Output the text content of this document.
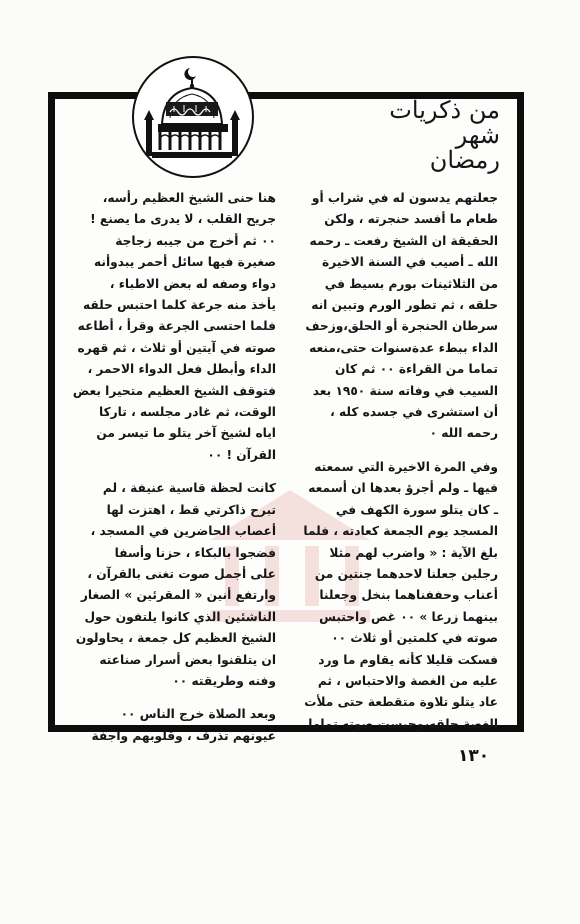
من ذكريات
شهر
رمضان

جعلتهم يدسون له في شراب أو
طعام ما أفسد حنجرته ، ولكن
الحقيقة ان الشيخ رفعت ـ رحمه
الله ـ أصيب في السنة الاخيرة
من الثلاثينات بورم بسيط في
حلقه ، ثم تطور الورم وتبين انه
سرطان الحنجرة أو الحلق،وزحف
الداء ببطء عدةسنوات حتى،منعه
تماما من القراءة ٠٠ ثم كان
السيب في وفاته سنة ١٩٥٠ بعد
أن استشرى في جسده كله ،
رحمه الله ٠

وفي المرة الاخيرة التي سمعته
فيها ـ ولم أجرؤ بعدها ان أسمعه
ـ كان يتلو سورة الكهف في
المسجد يوم الجمعة كعادته ، فلما
بلغ الآية : « واضرب لهم مثلا
رجلين جعلنا لاحدهما جنتين من
أعناب وحففناهما بنخل وجعلنا
بينهما زرعا » ٠٠ غص واحتبس
صوته في كلمتين أو ثلاث ٠٠
فسكت قليلا كأنه يقاوم ما ورد
عليه من الغصة والاحتباس ، ثم
عاد يتلو تلاوة متقطعة حتى ملأت
الغصة حلقه،وحبست صوته تماما

هنا حنى الشيخ العظيم رأسه،
جريح القلب ، لا يدرى ما يصنع !
٠٠ ثم أخرج من جيبه زجاجة
صغيرة فيها سائل أحمر يبدوأنه
دواء وصفه له بعض الاطباء ،
يأخذ منه جرعة كلما احتبس حلقه
فلما احتسى الجرعة وقرأ ، أطاعه
صوته في آيتين أو ثلاث ، ثم قهره
الداء وأبطل فعل الدواء الاحمر ،
فتوقف الشيخ العظيم متحيرا بعض
الوقت، ثم غادر مجلسه ، تاركا
اياه لشيخ آخر يتلو ما تيسر من
القرآن ! ٠٠

كانت لحظة قاسية عنيفة ، لم
تبرح ذاكرتي قط ، اهتزت لها
أعصاب الحاضرين في المسجد ،
فضجوا بالبكاء ، حزنا وأسفا
على أجمل صوت تغنى بالقرآن ،
وارتفع أنين « المقرئين » الصغار
الناشئين الذي كانوا يلتفون حول
الشيخ العظيم كل جمعة ، يحاولون
ان يتلقنوا بعض أسرار صناعته
وفنه وطريقته ٠٠

وبعد الصلاة خرج الناس ٠٠
عيونهم تذرف ، وقلوبهم واجفة

١٣٠
